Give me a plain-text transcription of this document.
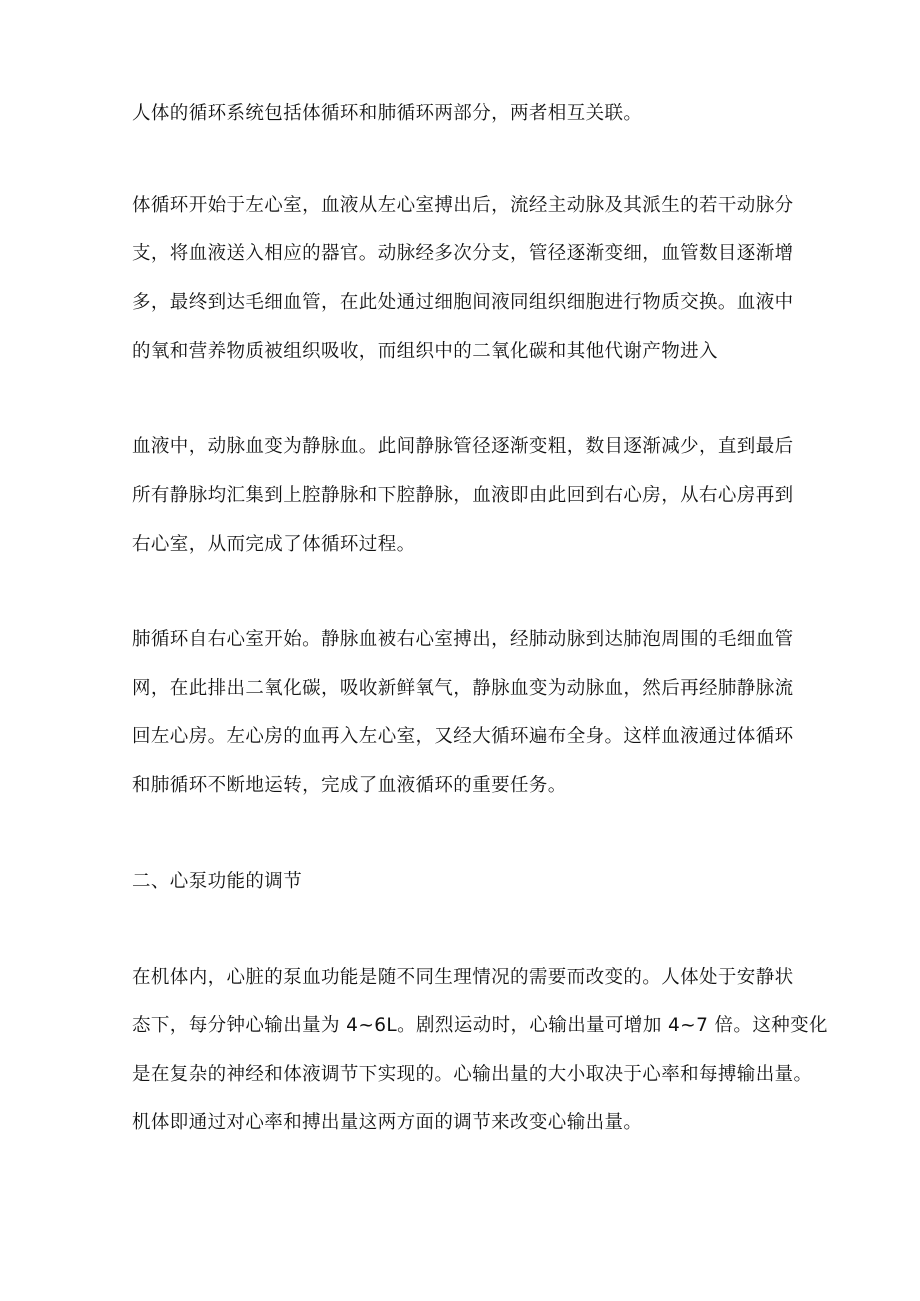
人体的循环系统包括体循环和肺循环两部分，两者相互关联。
体循环开始于左心室，血液从左心室搏出后，流经主动脉及其派生的若干动脉分
支，将血液送入相应的器官。动脉经多次分支，管径逐渐变细，血管数目逐渐增
多，最终到达毛细血管，在此处通过细胞间液同组织细胞进行物质交换。血液中
的氧和营养物质被组织吸收，而组织中的二氧化碳和其他代谢产物进入
血液中，动脉血变为静脉血。此间静脉管径逐渐变粗，数目逐渐减少，直到最后
所有静脉均汇集到上腔静脉和下腔静脉，血液即由此回到右心房，从右心房再到
右心室，从而完成了体循环过程。
肺循环自右心室开始。静脉血被右心室搏出，经肺动脉到达肺泡周围的毛细血管
网，在此排出二氧化碳，吸收新鲜氧气，静脉血变为动脉血，然后再经肺静脉流
回左心房。左心房的血再入左心室，又经大循环遍布全身。这样血液通过体循环
和肺循环不断地运转，完成了血液循环的重要任务。
二、心泵功能的调节
在机体内，心脏的泵血功能是随不同生理情况的需要而改变的。人体处于安静状
态下，每分钟心输出量为 4~6L。剧烈运动时，心输出量可增加 4~7 倍。这种变化
是在复杂的神经和体液调节下实现的。心输出量的大小取决于心率和每搏输出量。
机体即通过对心率和搏出量这两方面的调节来改变心输出量。
